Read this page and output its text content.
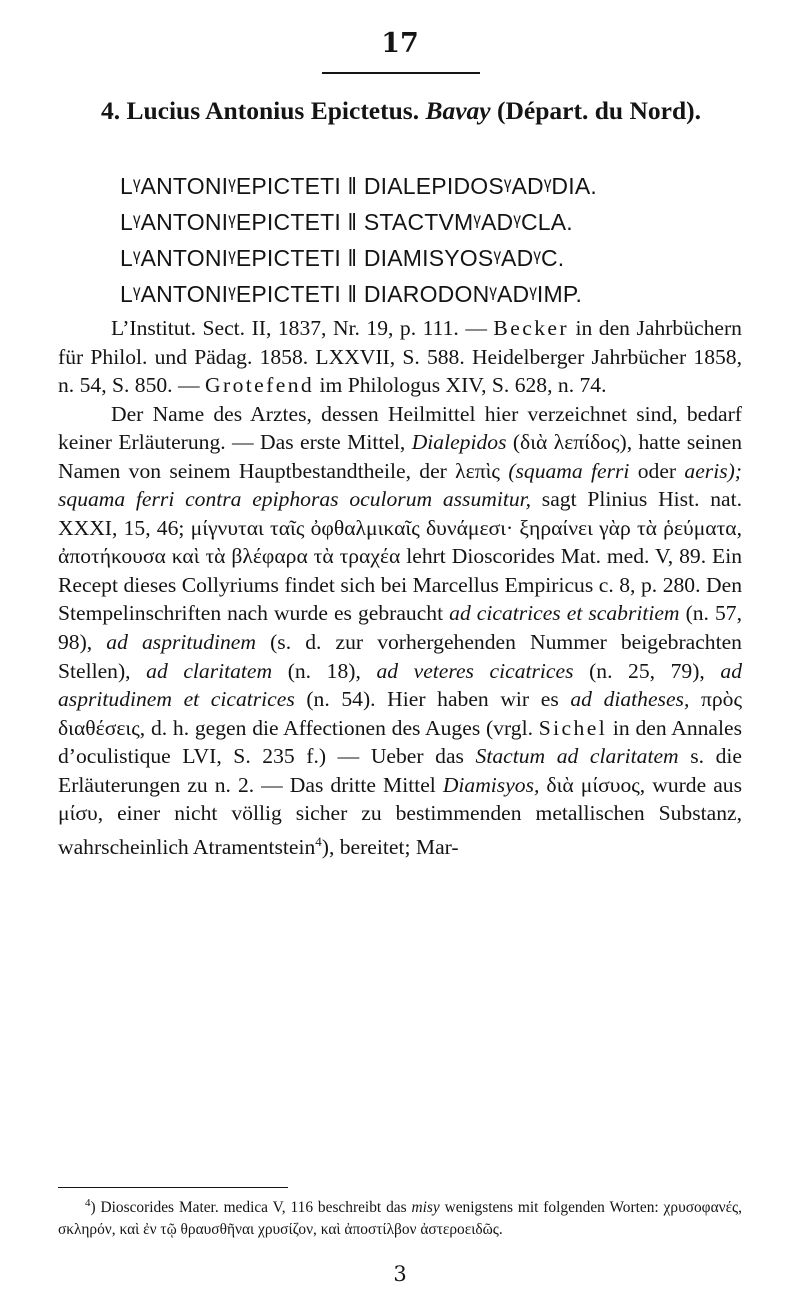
17
4. Lucius Antonius Epictetus. Bavay (Départ. du Nord).
LᵞANTONIᵞEPICTETI ‖ DIALEPIDOSᵞADᵞDIA.
LᵞANTONIᵞEPICTETI ‖ STACTVMᵞADᵞCLA.
LᵞANTONIᵞEPICTETI ‖ DIAMISYOSᵞADᵞC.
LᵞANTONIᵞEPICTETI ‖ DIARODONᵞADᵞIMP.

L’Institut. Sect. II, 1837, Nr. 19, p. 111. — Becker in den Jahrbüchern für Philol. und Pädag. 1858. LXXVII, S. 588. Heidelberger Jahrbücher 1858, n. 54, S. 850. — Grotefend im Philologus XIV, S. 628, n. 74.

Der Name des Arztes, dessen Heilmittel hier verzeichnet sind, bedarf keiner Erläuterung. — Das erste Mittel, Dialepidos (διὰ λεπίδος), hatte seinen Namen von seinem Hauptbestandtheile, der λεπὶς (squama ferri oder aeris); squama ferri contra epiphoras oculorum assumitur, sagt Plinius Hist. nat. XXXI, 15, 46; μίγνυται ταῖς ὀφθαλμικαῖς δυνάμεσι· ξηραίνει γὰρ τὰ ῥεύματα, ἀποτήκουσα καὶ τὰ βλέφαρα τὰ τραχέα lehrt Dioscorides Mat. med. V, 89. Ein Recept dieses Collyriums findet sich bei Marcellus Empiricus c. 8, p. 280. Den Stempelinschriften nach wurde es gebraucht ad cicatrices et scabritiem (n. 57, 98), ad aspritudinem (s. d. zur vorhergehenden Nummer beigebrachten Stellen), ad claritatem (n. 18), ad veteres cicatrices (n. 25, 79), ad aspritudinem et cicatrices (n. 54). Hier haben wir es ad diatheses, πρὸς διαθέσεις, d. h. gegen die Affectionen des Auges (vrgl. Sichel in den Annales d’oculistique LVI, S. 235 f.) — Ueber das Stactum ad claritatem s. die Erläuterungen zu n. 2. — Das dritte Mittel Diamisyos, διὰ μίσυος, wurde aus μίσυ, einer nicht völlig sicher zu bestimmenden metallischen Substanz, wahrscheinlich Atramentstein$^4$), bereitet; Mar-

$^4$) Dioscorides Mater. medica V, 116 beschreibt das misy wenigstens mit folgenden Worten: χρυσοφανές, σκληρόν, καὶ ἐν τῷ θραυσθῆναι χρυσίζον, καὶ ἀποστίλβον ἀστεροειδῶς.
3
